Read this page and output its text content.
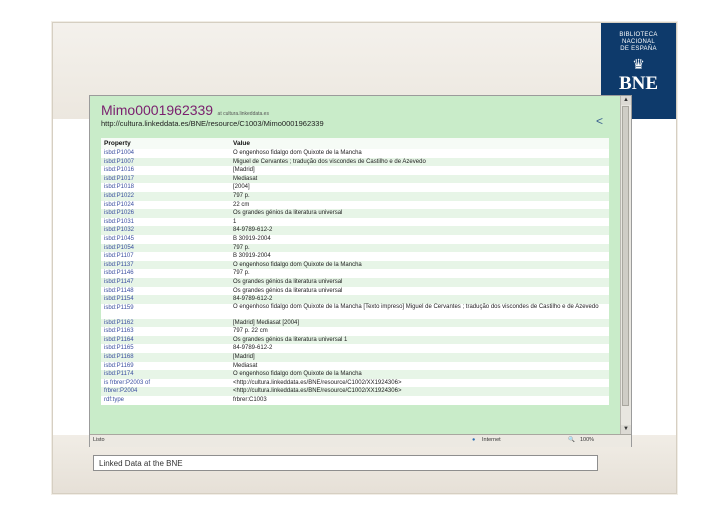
BIBLIOTECA
NACIONAL
DE ESPAÑA
♛
BNE
Mimo0001962339 at cultura.linkeddata.es
http://cultura.linkeddata.es/BNE/resource/C1003/Mimo0001962339	<
Property	Value
isbd:P1004	O engenhoso fidalgo dom Quixote de la Mancha
isbd:P1007	Miguel de Cervantes ; tradução dos viscondes de Castilho e de Azevedo
isbd:P1016	[Madrid]
isbd:P1017	Mediasat
isbd:P1018	[2004]
isbd:P1022	797 p.
isbd:P1024	22 cm
isbd:P1026	Os grandes génios da literatura universal
isbd:P1031	1
isbd:P1032	84-9789-612-2
isbd:P1045	B 30919-2004
isbd:P1054	797 p.
isbd:P1107	B 30919-2004
isbd:P1137	O engenhoso fidalgo dom Quixote de la Mancha
isbd:P1146	797 p.
isbd:P1147	Os grandes génios da literatura universal
isbd:P1148	Os grandes génios da literatura universal
isbd:P1154	84-9789-612-2
isbd:P1159	O engenhoso fidalgo dom Quixote de la Mancha [Texto impreso] Miguel de Cervantes ; tradução dos viscondes de Castilho e de Azevedo
isbd:P1162	[Madrid] Mediasat [2004]
isbd:P1163	797 p. 22 cm
isbd:P1164	Os grandes génios da literatura universal 1
isbd:P1165	84-9789-612-2
isbd:P1168	[Madrid]
isbd:P1169	Mediasat
isbd:P1174	O engenhoso fidalgo dom Quixote de la Mancha
is frbrer:P2003 of	<http://cultura.linkeddata.es/BNE/resource/C1002/XX1924306>
frbrer:P2004	<http://cultura.linkeddata.es/BNE/resource/C1002/XX1924306>
rdf:type	frbrer:C1003
▲
▼
Listo	● Internet	🔍 100%
Linked Data at the BNE
